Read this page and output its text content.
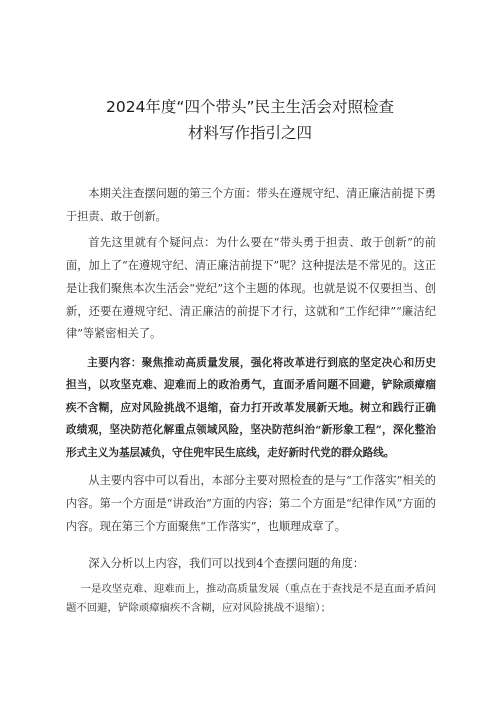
2024年度“四个带头”民主生活会对照检查
材料写作指引之四

本期关注查摆问题的第三个方面：带头在遵规守纪、清正廉洁前提下勇于担责、敢于创新。

首先这里就有个疑问点：为什么要在“带头勇于担责、敢于创新”的前面，加上了“在遵规守纪、清正廉洁前提下”呢？这种提法是不常见的。这正是让我们聚焦本次生活会“党纪”这个主题的体现。也就是说不仅要担当、创新，还要在遵规守纪、清正廉洁的前提下才行，这就和“工作纪律”“廉洁纪律”等紧密相关了。

主要内容：聚焦推动高质量发展，强化将改革进行到底的坚定决心和历史担当，以攻坚克难、迎难而上的政治勇气，直面矛盾问题不回避，铲除顽瘴痼疾不含糊，应对风险挑战不退缩，奋力打开改革发展新天地。树立和践行正确政绩观，坚决防范化解重点领域风险，坚决防范纠治“新形象工程”，深化整治形式主义为基层减负，守住兜牢民生底线，走好新时代党的群众路线。

从主要内容中可以看出，本部分主要对照检查的是与“工作落实”相关的内容。第一个方面是“讲政治”方面的内容；第二个方面是“纪律作风”方面的内容。现在第三个方面聚焦“工作落实”，也顺理成章了。

深入分析以上内容，我们可以找到4个查摆问题的角度：

一是攻坚克难、迎难而上，推动高质量发展（重点在于查找是不是直面矛盾问题不回避，铲除顽瘴痼疾不含糊，应对风险挑战不退缩）；
